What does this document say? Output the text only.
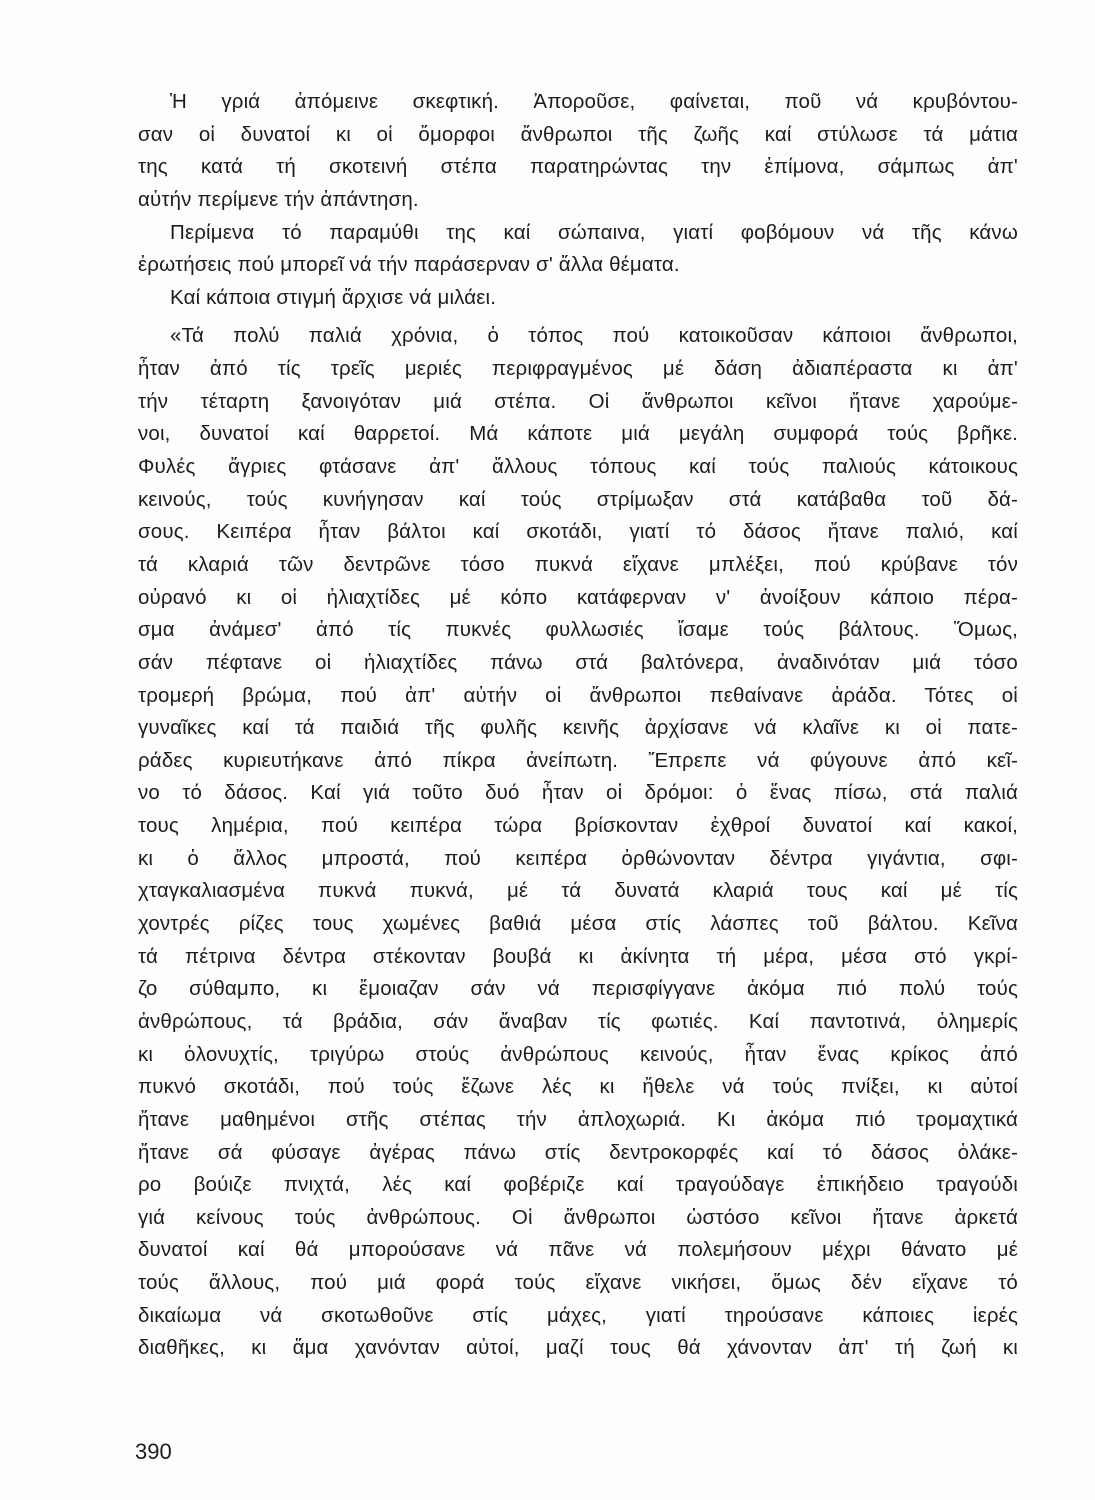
Ἡ γριά ἀπόμεινε σκεφτική. Ἀποροῦσε, φαίνεται, ποῦ νά κρυβόντου-
σαν οἱ δυνατοί κι οἱ ὄμορφοι ἄνθρωποι τῆς ζωῆς καί στύλωσε τά μάτια
της κατά τή σκοτεινή στέπα παρατηρώντας την ἐπίμονα, σάμπως ἀπ'
αὐτήν περίμενε τήν ἀπάντηση.
Περίμενα τό παραμύθι της καί σώπαινα, γιατί φοβόμουν νά τῆς κάνω
ἐρωτήσεις πού μπορεῖ νά τήν παράσερναν σ' ἄλλα θέματα.
Καί κάποια στιγμή ἄρχισε νά μιλάει.
«Τά πολύ παλιά χρόνια, ὁ τόπος πού κατοικοῦσαν κάποιοι ἄνθρωποι,
ἦταν ἀπό τίς τρεῖς μεριές περιφραγμένος μέ δάση ἀδιαπέραστα κι ἀπ'
τήν τέταρτη ξανοιγόταν μιά στέπα. Οἱ ἄνθρωποι κεῖνοι ἤτανε χαρούμε-
νοι, δυνατοί καί θαρρετοί. Μά κάποτε μιά μεγάλη συμφορά τούς βρῆκε.
Φυλές ἄγριες φτάσανε ἀπ' ἄλλους τόπους καί τούς παλιούς κάτοικους
κεινούς, τούς κυνήγησαν καί τούς στρίμωξαν στά κατάβαθα τοῦ δά-
σους. Κειπέρα ἦταν βάλτοι καί σκοτάδι, γιατί τό δάσος ἤτανε παλιό, καί
τά κλαριά τῶν δεντρῶνε τόσο πυκνά εἴχανε μπλέξει, πού κρύβανε τόν
οὐρανό κι οἱ ἡλιαχτίδες μέ κόπο κατάφερναν ν' ἀνοίξουν κάποιο πέρα-
σμα ἀνάμεσ' ἀπό τίς πυκνές φυλλωσιές ἴσαμε τούς βάλτους. Ὅμως,
σάν πέφτανε οἱ ἡλιαχτίδες πάνω στά βαλτόνερα, ἀναδινόταν μιά τόσο
τρομερή βρώμα, πού ἀπ' αὐτήν οἱ ἄνθρωποι πεθαίνανε ἀράδα. Τότες οἱ
γυναῖκες καί τά παιδιά τῆς φυλῆς κεινῆς ἀρχίσανε νά κλαῖνε κι οἱ πατε-
ράδες κυριευτήκανε ἀπό πίκρα ἀνείπωτη. Ἔπρεπε νά φύγουνε ἀπό κεῖ-
νο τό δάσος. Καί γιά τοῦτο δυό ἦταν οἱ δρόμοι: ὁ ἕνας πίσω, στά παλιά
τους λημέρια, πού κειπέρα τώρα βρίσκονταν ἐχθροί δυνατοί καί κακοί,
κι ὁ ἄλλος μπροστά, πού κειπέρα ὀρθώνονταν δέντρα γιγάντια, σφι-
χταγκαλιασμένα πυκνά πυκνά, μέ τά δυνατά κλαριά τους καί μέ τίς
χοντρές ρίζες τους χωμένες βαθιά μέσα στίς λάσπες τοῦ βάλτου. Κεῖνα
τά πέτρινα δέντρα στέκονταν βουβά κι ἀκίνητα τή μέρα, μέσα στό γκρί-
ζο σύθαμπο, κι ἔμοιαζαν σάν νά περισφίγγανε ἀκόμα πιό πολύ τούς
ἀνθρώπους, τά βράδια, σάν ἄναβαν τίς φωτιές. Καί παντοτινά, ὁλημερίς
κι ὁλονυχτίς, τριγύρω στούς ἀνθρώπους κεινούς, ἦταν ἕνας κρίκος ἀπό
πυκνό σκοτάδι, πού τούς ἔζωνε λές κι ἤθελε νά τούς πνίξει, κι αὐτοί
ἤτανε μαθημένοι στῆς στέπας τήν ἀπλοχωριά. Κι ἀκόμα πιό τρομαχτικά
ἤτανε σά φύσαγε ἀγέρας πάνω στίς δεντροκορφές καί τό δάσος ὁλάκε-
ρο βούιζε πνιχτά, λές καί φοβέριζε καί τραγούδαγε ἐπικήδειο τραγούδι
γιά κείνους τούς ἀνθρώπους. Οἱ ἄνθρωποι ὡστόσο κεῖνοι ἤτανε ἀρκετά
δυνατοί καί θά μπορούσανε νά πᾶνε νά πολεμήσουν μέχρι θάνατο μέ
τούς ἄλλους, πού μιά φορά τούς εἴχανε νικήσει, ὅμως δέν εἴχανε τό
δικαίωμα νά σκοτωθοῦνε στίς μάχες, γιατί τηρούσανε κάποιες ἱερές
διαθῆκες, κι ἅμα χανόνταν αὐτοί, μαζί τους θά χάνονταν ἀπ' τή ζωή κι
390
